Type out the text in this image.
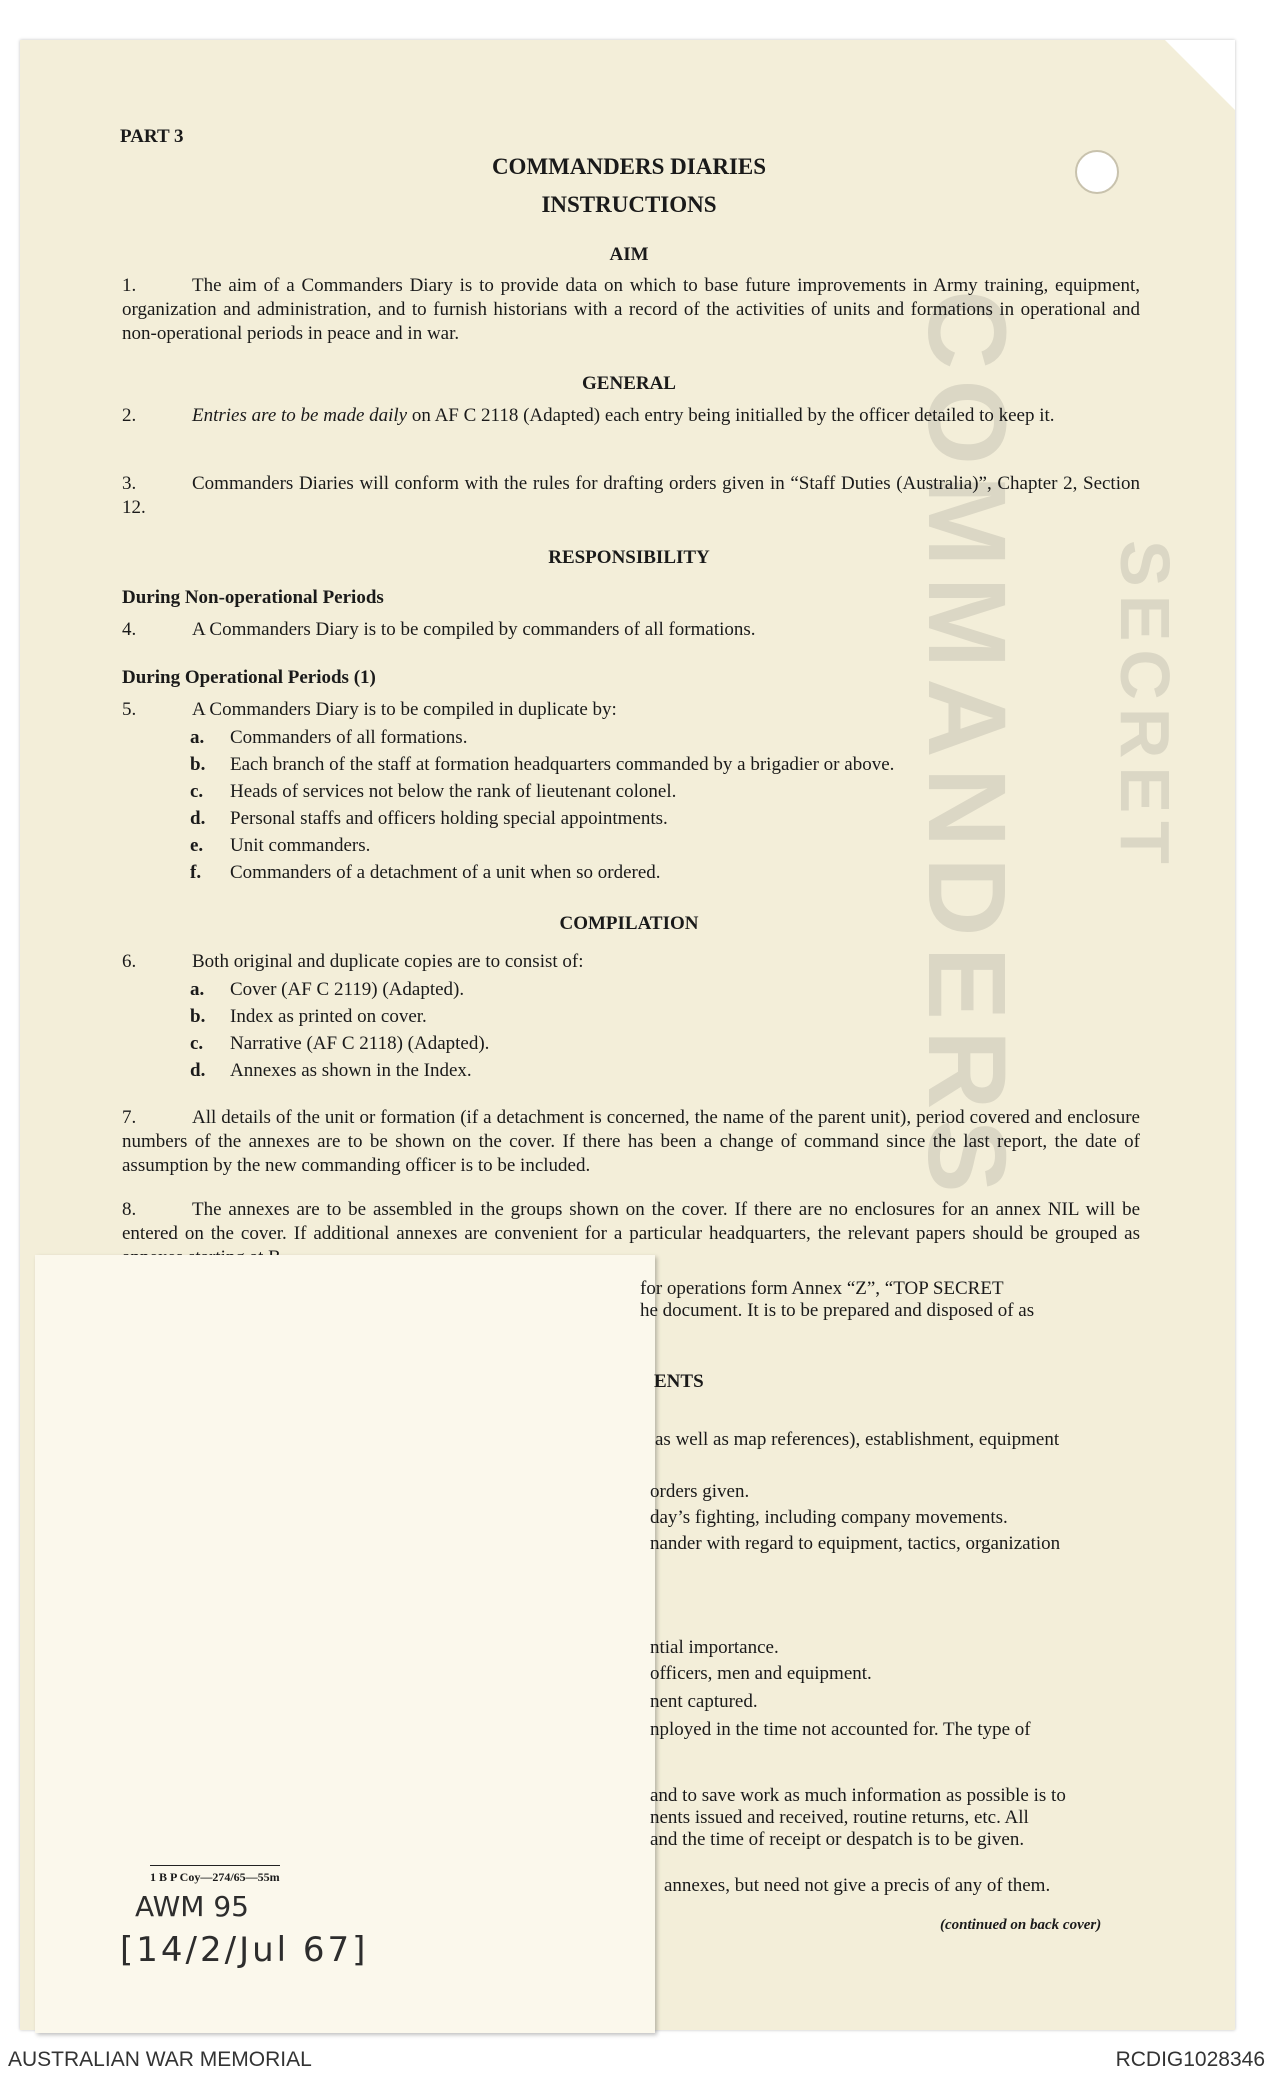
COMMANDERS SECRET
PART 3
COMMANDERS DIARIES
INSTRUCTIONS
AIM
1.	The aim of a Commanders Diary is to provide data on which to base future improvements in Army training, equipment, organization and administration, and to furnish historians with a record of the activities of units and formations in operational and non-operational periods in peace and in war.
GENERAL
2.	Entries are to be made daily on AF C 2118 (Adapted) each entry being initialled by the officer detailed to keep it.
3.	Commanders Diaries will conform with the rules for drafting orders given in “Staff Duties (Australia)”, Chapter 2, Section 12.
RESPONSIBILITY
During Non-operational Periods
4.	A Commanders Diary is to be compiled by commanders of all formations.
During Operational Periods (1)
5.	A Commanders Diary is to be compiled in duplicate by:
a. Commanders of all formations.
b. Each branch of the staff at formation headquarters commanded by a brigadier or above.
c. Heads of services not below the rank of lieutenant colonel.
d. Personal staffs and officers holding special appointments.
e. Unit commanders.
f. Commanders of a detachment of a unit when so ordered.
COMPILATION
6.	Both original and duplicate copies are to consist of:
a. Cover (AF C 2119) (Adapted).
b. Index as printed on cover.
c. Narrative (AF C 2118) (Adapted).
d. Annexes as shown in the Index.
7.	All details of the unit or formation (if a detachment is concerned, the name of the parent unit), period covered and enclosure numbers of the annexes are to be shown on the cover. If there has been a change of command since the last report, the date of assumption by the new commanding officer is to be included.
8.	The annexes are to be assembled in the groups shown on the cover. If there are no enclosures for an annex NIL will be entered on the cover. If additional annexes are convenient for a particular headquarters, the relevant papers should be grouped as
for operations form Annex “Z”, “TOP SECRET
he document. It is to be prepared and disposed of as
ENTS
as well as map references), establishment, equipment
orders given.
day’s fighting, including company movements.
nander with regard to equipment, tactics, organization
ntial importance.
officers, men and equipment.
nent captured.
nployed in the time not accounted for. The type of
and to save work as much information as possible is to
nents issued and received, routine returns, etc. All
and the time of receipt or despatch is to be given.
annexes, but need not give a precis of any of them.
1 B P Coy—274/65—55m
AWM 95
[14/2/Jul 67]
(continued on back cover)
AUSTRALIAN WAR MEMORIAL	RCDIG1028346
